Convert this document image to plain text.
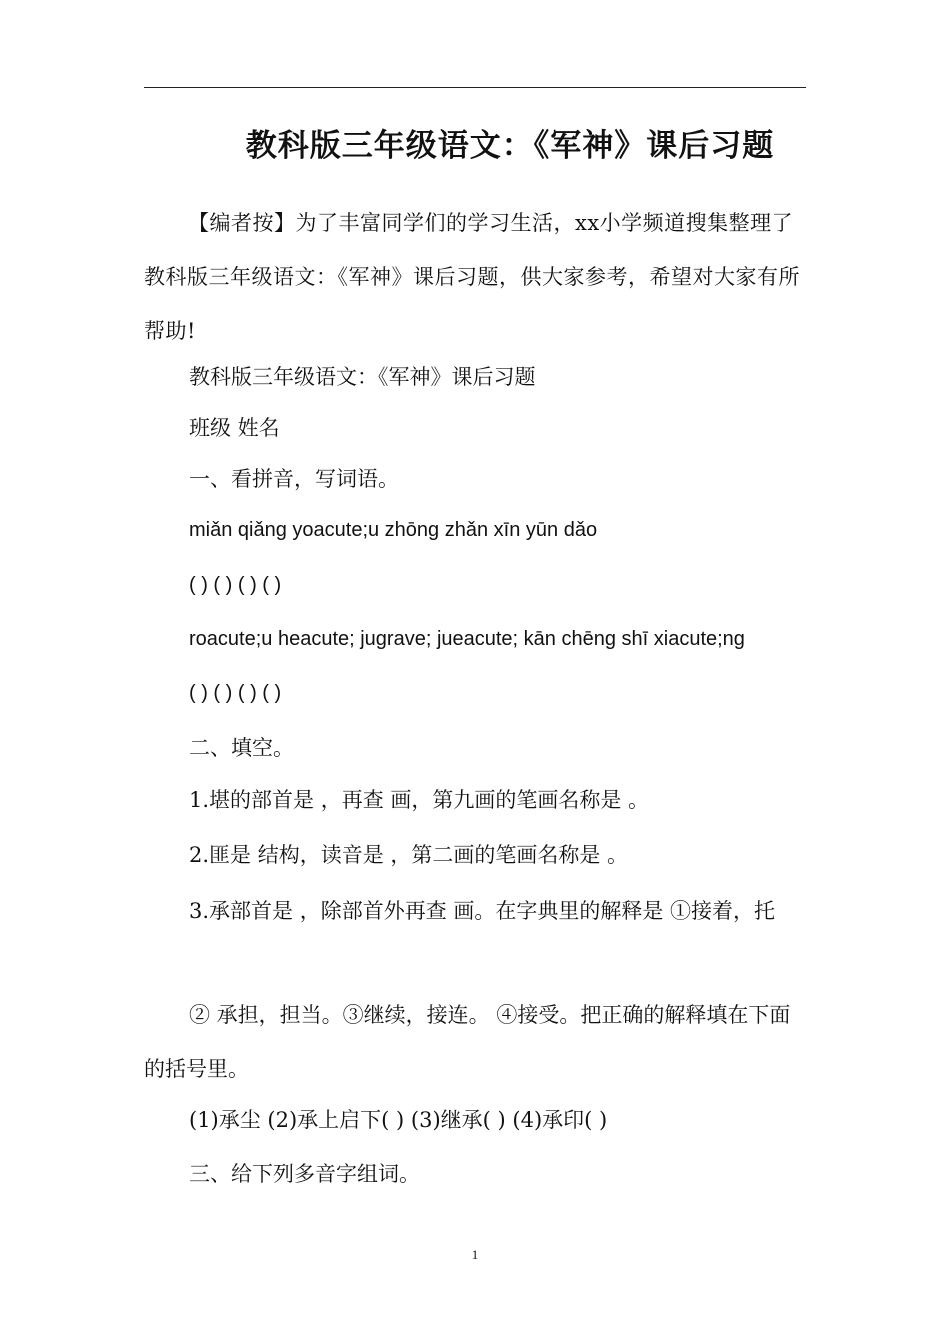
教科版三年级语文：《军神》课后习题
【编者按】为了丰富同学们的学习生活，xx小学频道搜集整理了教科版三年级语文：《军神》课后习题，供大家参考，希望对大家有所帮助!
教科版三年级语文：《军神》课后习题
班级 姓名
一、看拼音，写词语。
miǎn qiǎng yoacute;u zhōng zhǎn xīn yūn dǎo
( ) ( ) ( ) ( )
roacute;u heacute; jugrave; jueacute; kān chēng shī xiacute;ng
( ) ( ) ( ) ( )
二、填空。
1.堪的部首是 ，再查 画，第九画的笔画名称是 。
2.匪是 结构，读音是 ，第二画的笔画名称是 。
3.承部首是 ，除部首外再查 画。在字典里的解释是 ①接着，托
② 承担，担当。③继续，接连。 ④接受。把正确的解释填在下面的括号里。
(1)承尘 (2)承上启下( ) (3)继承( ) (4)承印( )
三、给下列多音字组词。
1
